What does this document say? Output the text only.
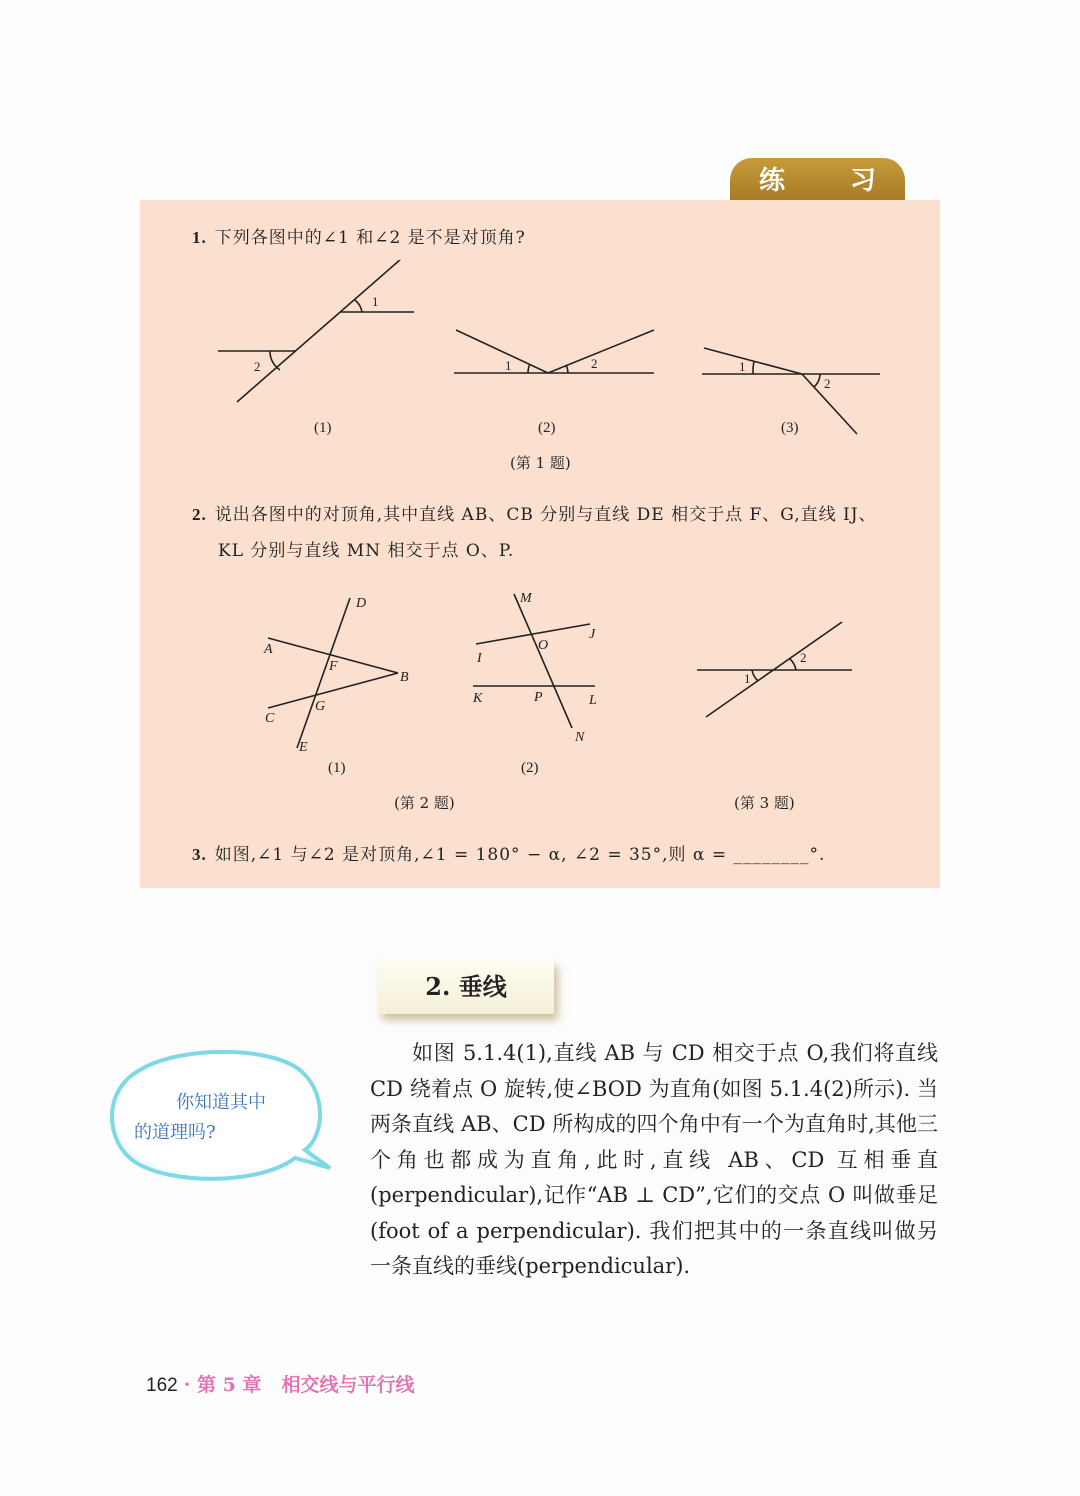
练 习
1. 下列各图中的∠1 和∠2 是不是对顶角?
1
2	1	2	1
2
(1)	(2)	(3)
(第 1 题)
2. 说出各图中的对顶角,其中直线 AB、CB 分别与直线 DE 相交于点 F、G,直线 IJ、
KL 分别与直线 MN 相交于点 O、P.
D
A
F
B
C
G
E
M
J
O
I
K	P	L
N
1
2
(1)	(2)
(第 2 题)	(第 3 题)
3. 如图,∠1 与∠2 是对顶角,∠1 = 180° − α, ∠2 = 35°,则 α = ________°.
2. 垂线
你知道其中
的道理吗?

如图 5.1.4(1),直线 AB 与 CD 相交于点 O,我们将直线 CD 绕着点 O 旋转,使∠BOD 为直角(如图 5.1.4(2)所示). 当两条直线 AB、CD 所构成的四个角中有一个为直角时,其他三个角也都成为直角,此时,直线 AB、CD 互相垂直(perpendicular),记作“AB ⊥ CD”,它们的交点 O 叫做垂足(foot of a perpendicular). 我们把其中的一条直线叫做另一条直线的垂线(perpendicular).

162 · 第 5 章 相交线与平行线
